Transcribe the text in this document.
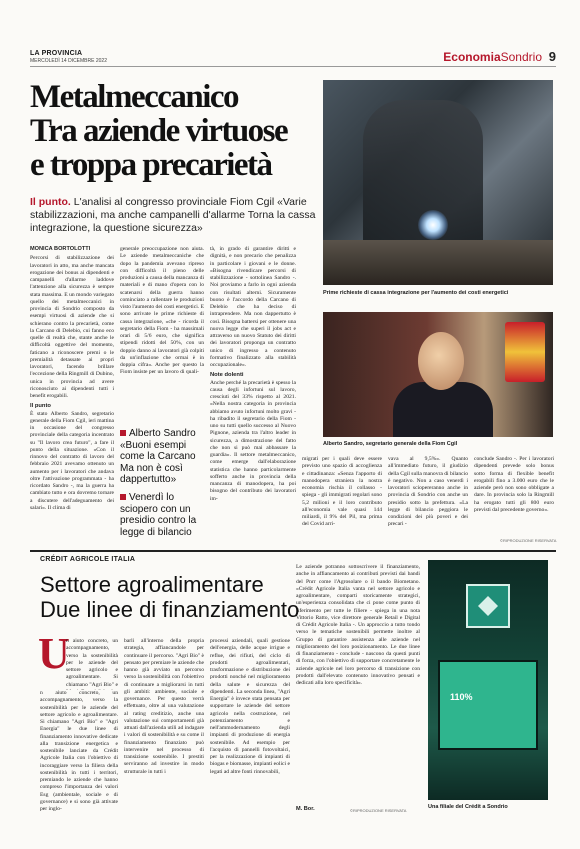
LA PROVINCIA
MERCOLEDÌ 14 DICEMBRE 2022	EconomiaSondrio 9
Metalmeccanico
Tra aziende virtuose
e troppa precarietà
Prime richieste di cassa integrazione per l'aumento dei costi energetici
Il punto. L'analisi al congresso provinciale Fiom Cgil «Varie stabilizzazioni, ma anche campanelli d'allarme Torna la cassa integrazione, la questione sicurezza»
MONICA BORTOLOTTI

Percorsi di stabilizzazione dei lavoratori in atto, ma anche mancata erogazione dei bonus ai dipendenti e campanelli d'allarme laddove l'attenzione alla sicurezza è sempre stata massima. E un mondo variegato quello dei metalmeccanici in provincia di Sondrio composto da esempi virtuosi di aziende che si schierano contro la precarietà, come la Carcano di Delebio, cui fanno eco quelle di realtà che, stante anche le difficoltà oggettive del momento, faticano a riconoscere premi o le premialità detassate ai propri lavoratori, facendo brillare l'eccezione della Ringmill di Dubino, unica in provincia ad avere riconosciuto ai dipendenti tutti i benefit erogabili.

Il punto

È stato Alberto Sandro, segretario generale della Fiom Cgil, ieri mattina in occasione del congresso provinciale della categoria incentrato su "Il lavoro crea futuro", a fare il punto della situazione. «Con il rinnovo del contratto di lavoro del febbraio 2021 avevamo ottenuto un aumento per i lavoratori che andava oltre l'attivazione programmata - ha ricordato Sandro -, ma la guerra ha cambiato tutto e ora dovremo tornare a discutere dell'adeguamento dei salari». Il clima di

generale preoccupazione non aiuta. Le aziende metalmeccaniche che dopo la pandemia avevano ripreso con difficoltà il pieno delle produzioni a causa della mancanza di materiali e di mano d'opera con lo scatenarsi della guerra hanno cominciato a rallentare le produzioni visto l'aumento dei costi energetici. E sono arrivate le prime richieste di cassa integrazione, «che - ricorda il segretario della Fiom - ha massimali orari di 5/6 euro, che significa stipendi ridotti del 50%, con un doppio danno ai lavoratori già colpiti da un'inflazione che ormai è in doppia cifra». Anche per questo la Fiom insiste per un lavoro di quali-

Alberto Sandro «Buoni esempi come la Carcano Ma non è così dappertutto»
Venerdì lo sciopero con un presidio contro la legge di bilancio

tà, in grado di garantire diritti e dignità, e non precario che penalizza in particolare i giovani e le donne. «Bisogna rivendicare percorsi di stabilizzazione - sottolinea Sandro -. Noi proviamo a farlo in ogni azienda con risultati alterni. Sicuramente buono è l'accordo della Carcano di Delebio che ha deciso di intraprendere. Ma non dappertutto è così. Bisogna battersi per ottenere una nuova legge che superi il jobs act e attraverso un nuovo Statuto dei diritti dei lavoratori proponga un contratto unico di ingresso a contenuto formativo finalizzato alla stabilità occupazionale».

Note dolenti

Anche perché la precarietà è spesso la causa degli infortuni sul lavoro, cresciuti del 33% rispetto al 2021. «Nella nostra categoria in provincia abbiamo avuto infortuni molto gravi - ha ribadito il segretario della Fiom - uno su tutti quello successo al Nuovo Pignone, azienda tra l'altro leader in sicurezza, a dimostrazione del fatto che non si può mai abbassare la guardia». Il settore metalmeccanico, come emerge dall'elaborazione statistica che hanno particolarmente sofferto anche in provincia della mancanza di manodopera, ha poi bisogno del contributo dei lavoratori im-

Alberto Sandro, segretario generale della Fiom Cgil

migrati per i quali deve essere previsto uno spazio di accoglienza e cittadinanza: «Senza l'apporto di manodopera straniera la nostra economia rischia il collasso - spiega - gli immigrati regolari sono 5,2 milioni e il loro contributo all'economia vale quasi 144 miliardi, il 9% del Pil, ma prima del Covid arri-

vava al 9,5%». Quanto all'immediato futuro, il giudizio della Cgil sulla manovra di bilancio è negativo. Non a caso venerdì i lavoratori sciopereranno anche in provincia di Sondrio con anche un presidio sotto la prefettura. «La legge di bilancio peggiora le condizioni dei più poveri e dei precari -

conclude Sandro -. Per i lavoratori dipendenti prevede solo bonus sotto forma di flexible benefit erogabili fino a 3.000 euro che le aziende però non sono obbligate a dare. In provincia solo la Ringmill ha erogato tutti gli 800 euro previsti dal precedente governo».

©RIPRODUZIONE RISERVATA
CRÉDIT AGRICOLE ITALIA
Settore agroalimentare
Due linee di finanziamento
U

n aiuto concreto, un accompagnamento, verso la sostenibilità per le aziende del settore agricolo e agroalimentare. Si chiamano "Agri Bio" e

n aiuto concreto, un accompagnamento, verso la sostenibilità per le aziende del settore agricolo e agroalimentare. Si chiamano "Agri Bio" e "Agri Energia" le due linee di finanziamento innovative dedicate alla transizione energetica e sostenibile lanciate da Crédit Agricole Italia con l'obiettivo di incoraggiare verso la filiera della sostenibilità in tutti i territori, premiando le aziende che hanno compreso l'importanza dei valori Esg (ambientale, sociale e di governance) e si sono già attivate per inglo-

barli all'interno della propria strategia, affiancandole per continuare il percorso. "Agri Bio" è pensato per premiare le aziende che hanno già avviato un percorso verso la sostenibilità con l'obiettivo di continuare a migliorarsi in tutti gli ambiti: ambiente, sociale e governance. Per questo verrà effettuato, oltre al una valutazione al rating creditizio, anche una valutazione sui comportamenti già attuati dall'azienda utili ad indagare i valori di sostenibilità e su come il finanziamento finanziato può intervenire nel processo di transizione sostenibile. I prestiti serviranno ad investire in modo strutturale in tutti i

processi aziendali, quali gestione dell'energia, delle acque irrigue e reflue, dei rifiuti, del ciclo di prodotti agroalimentari, trasformazione e distribuzione dei prodotti nonché nel miglioramento della salute e sicurezza del dipendenti. La seconda linea, "Agri Energia" è invece stata pensata per supportare le aziende del settore agricolo nella costruzione, nel potenziamento e nell'ammodernamento degli impianti di produzione di energia sostenibile. Ad esempio per l'acquisto di pannelli fotovoltaici, per la realizzazione di impianti di biogas e biomasse, impianti eolici e legati ad altre fonti rinnovabili,

Le aziende potranno sottoscrivere il finanziamento, anche in affiancamento ai contributi previsti dai bandi del Pnrr come l'Agrosolare o il bando Biometano. «Crédit Agricole Italia vanta nel settore agricolo e agroalimentare, comparti storicamente strategici, un'esperienza consolidata che ci pone come punto di riferimento per tutte le filiere - spiega in una nota Vittorio Ratto, vice direttore generale Retail e Digital di Crédit Agricole Italia -. Un approccio a tutto tondo verso le tematiche sostenibili permette inoltre al Gruppo di garantire assistenza alle aziende nel miglioramento del loro posizionamento. Le due linee di finanziamento - conclude - nascono da questi punti di forza, con l'obiettivo di supportare concretamente le aziende agricole nel loro percorso di transizione con prodotti dall'elevato contenuto innovativo pensati e dedicati alla loro specificità».

M. Bor.	©RIPRODUZIONE RISERVATA
110%
Una filiale del Crédit a Sondrio
